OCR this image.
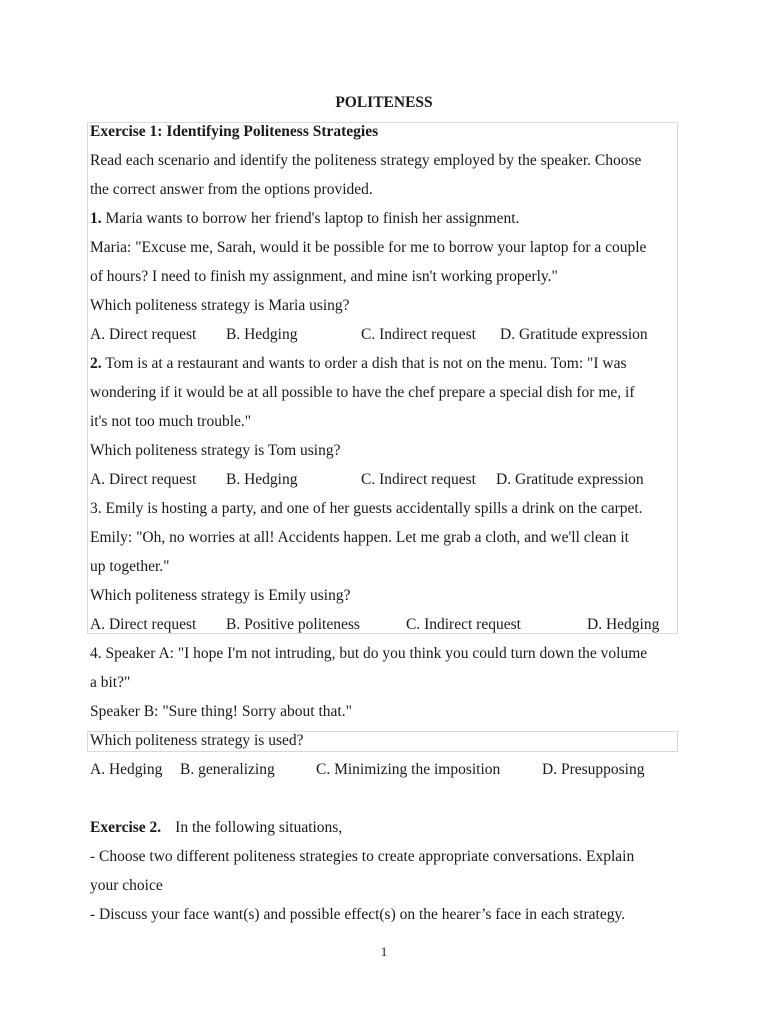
POLITENESS
Exercise 1: Identifying Politeness Strategies
Read each scenario and identify the politeness strategy employed by the speaker. Choose
the correct answer from the options provided.
1. Maria wants to borrow her friend's laptop to finish her assignment.
Maria: "Excuse me, Sarah, would it be possible for me to borrow your laptop for a couple
of hours? I need to finish my assignment, and mine isn't working properly."
Which politeness strategy is Maria using?
A. Direct request B. Hedging	C. Indirect request D. Gratitude expression
2. Tom is at a restaurant and wants to order a dish that is not on the menu. Tom: "I was
wondering if it would be at all possible to have the chef prepare a special dish for me, if
it's not too much trouble."
Which politeness strategy is Tom using?
A. Direct request B. Hedging	C. Indirect request D. Gratitude expression
3. Emily is hosting a party, and one of her guests accidentally spills a drink on the carpet.
Emily: "Oh, no worries at all! Accidents happen. Let me grab a cloth, and we'll clean it
up together."
Which politeness strategy is Emily using?
A. Direct request B. Positive politeness	C. Indirect request	D. Hedging
4. Speaker A: "I hope I'm not intruding, but do you think you could turn down the volume
a bit?"
Speaker B: "Sure thing! Sorry about that."
Which politeness strategy is used?
A. Hedging B. generalizing	C. Minimizing the imposition	D. Presupposing
Exercise 2. In the following situations,
- Choose two different politeness strategies to create appropriate conversations. Explain
your choice
- Discuss your face want(s) and possible effect(s) on the hearer’s face in each strategy.
1
